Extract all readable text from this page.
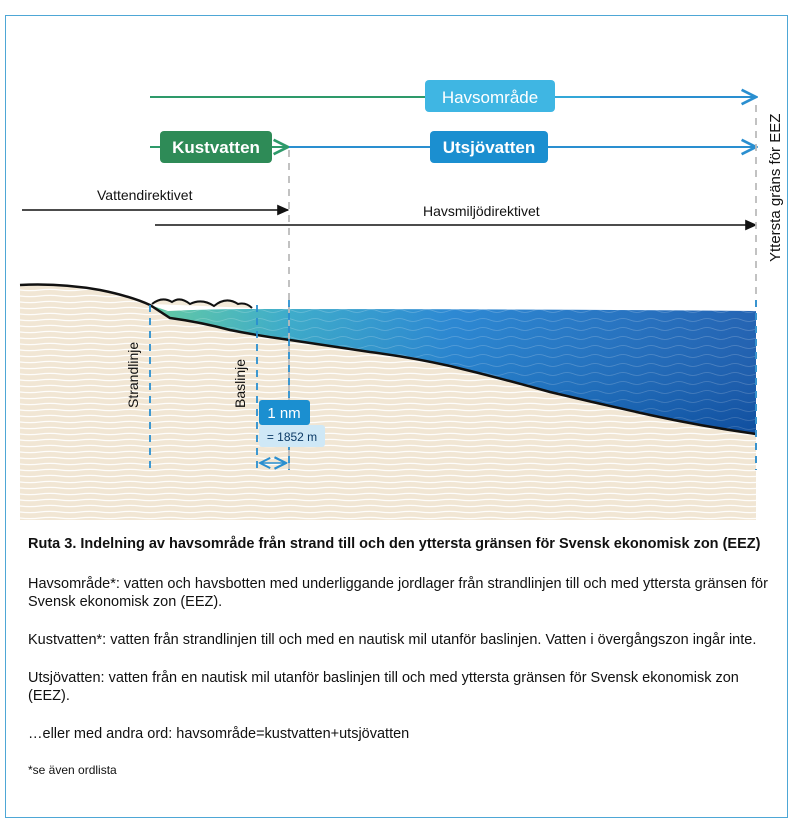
Havsområde
Kustvatten	Utsjövatten
Vattendirektivet
Havsmiljödirektivet
Strandlinje	Baslinje
Yttersta gräns för EEZ
1 nm
= 1852 m

Ruta 3. Indelning av havsområde från strand till och den yttersta gränsen för Svensk ekonomisk zon (EEZ)

Havsområde*: vatten och havsbotten med underliggande jordlager från strandlinjen till och med yttersta gränsen för Svensk ekonomisk zon (EEZ).

Kustvatten*: vatten från strandlinjen till och med en nautisk mil utanför baslinjen. Vatten i övergångszon ingår inte.

Utsjövatten: vatten från en nautisk mil utanför baslinjen till och med yttersta gränsen för Svensk ekonomisk zon (EEZ).

…eller med andra ord: havsområde=kustvatten+utsjövatten

*se även ordlista
